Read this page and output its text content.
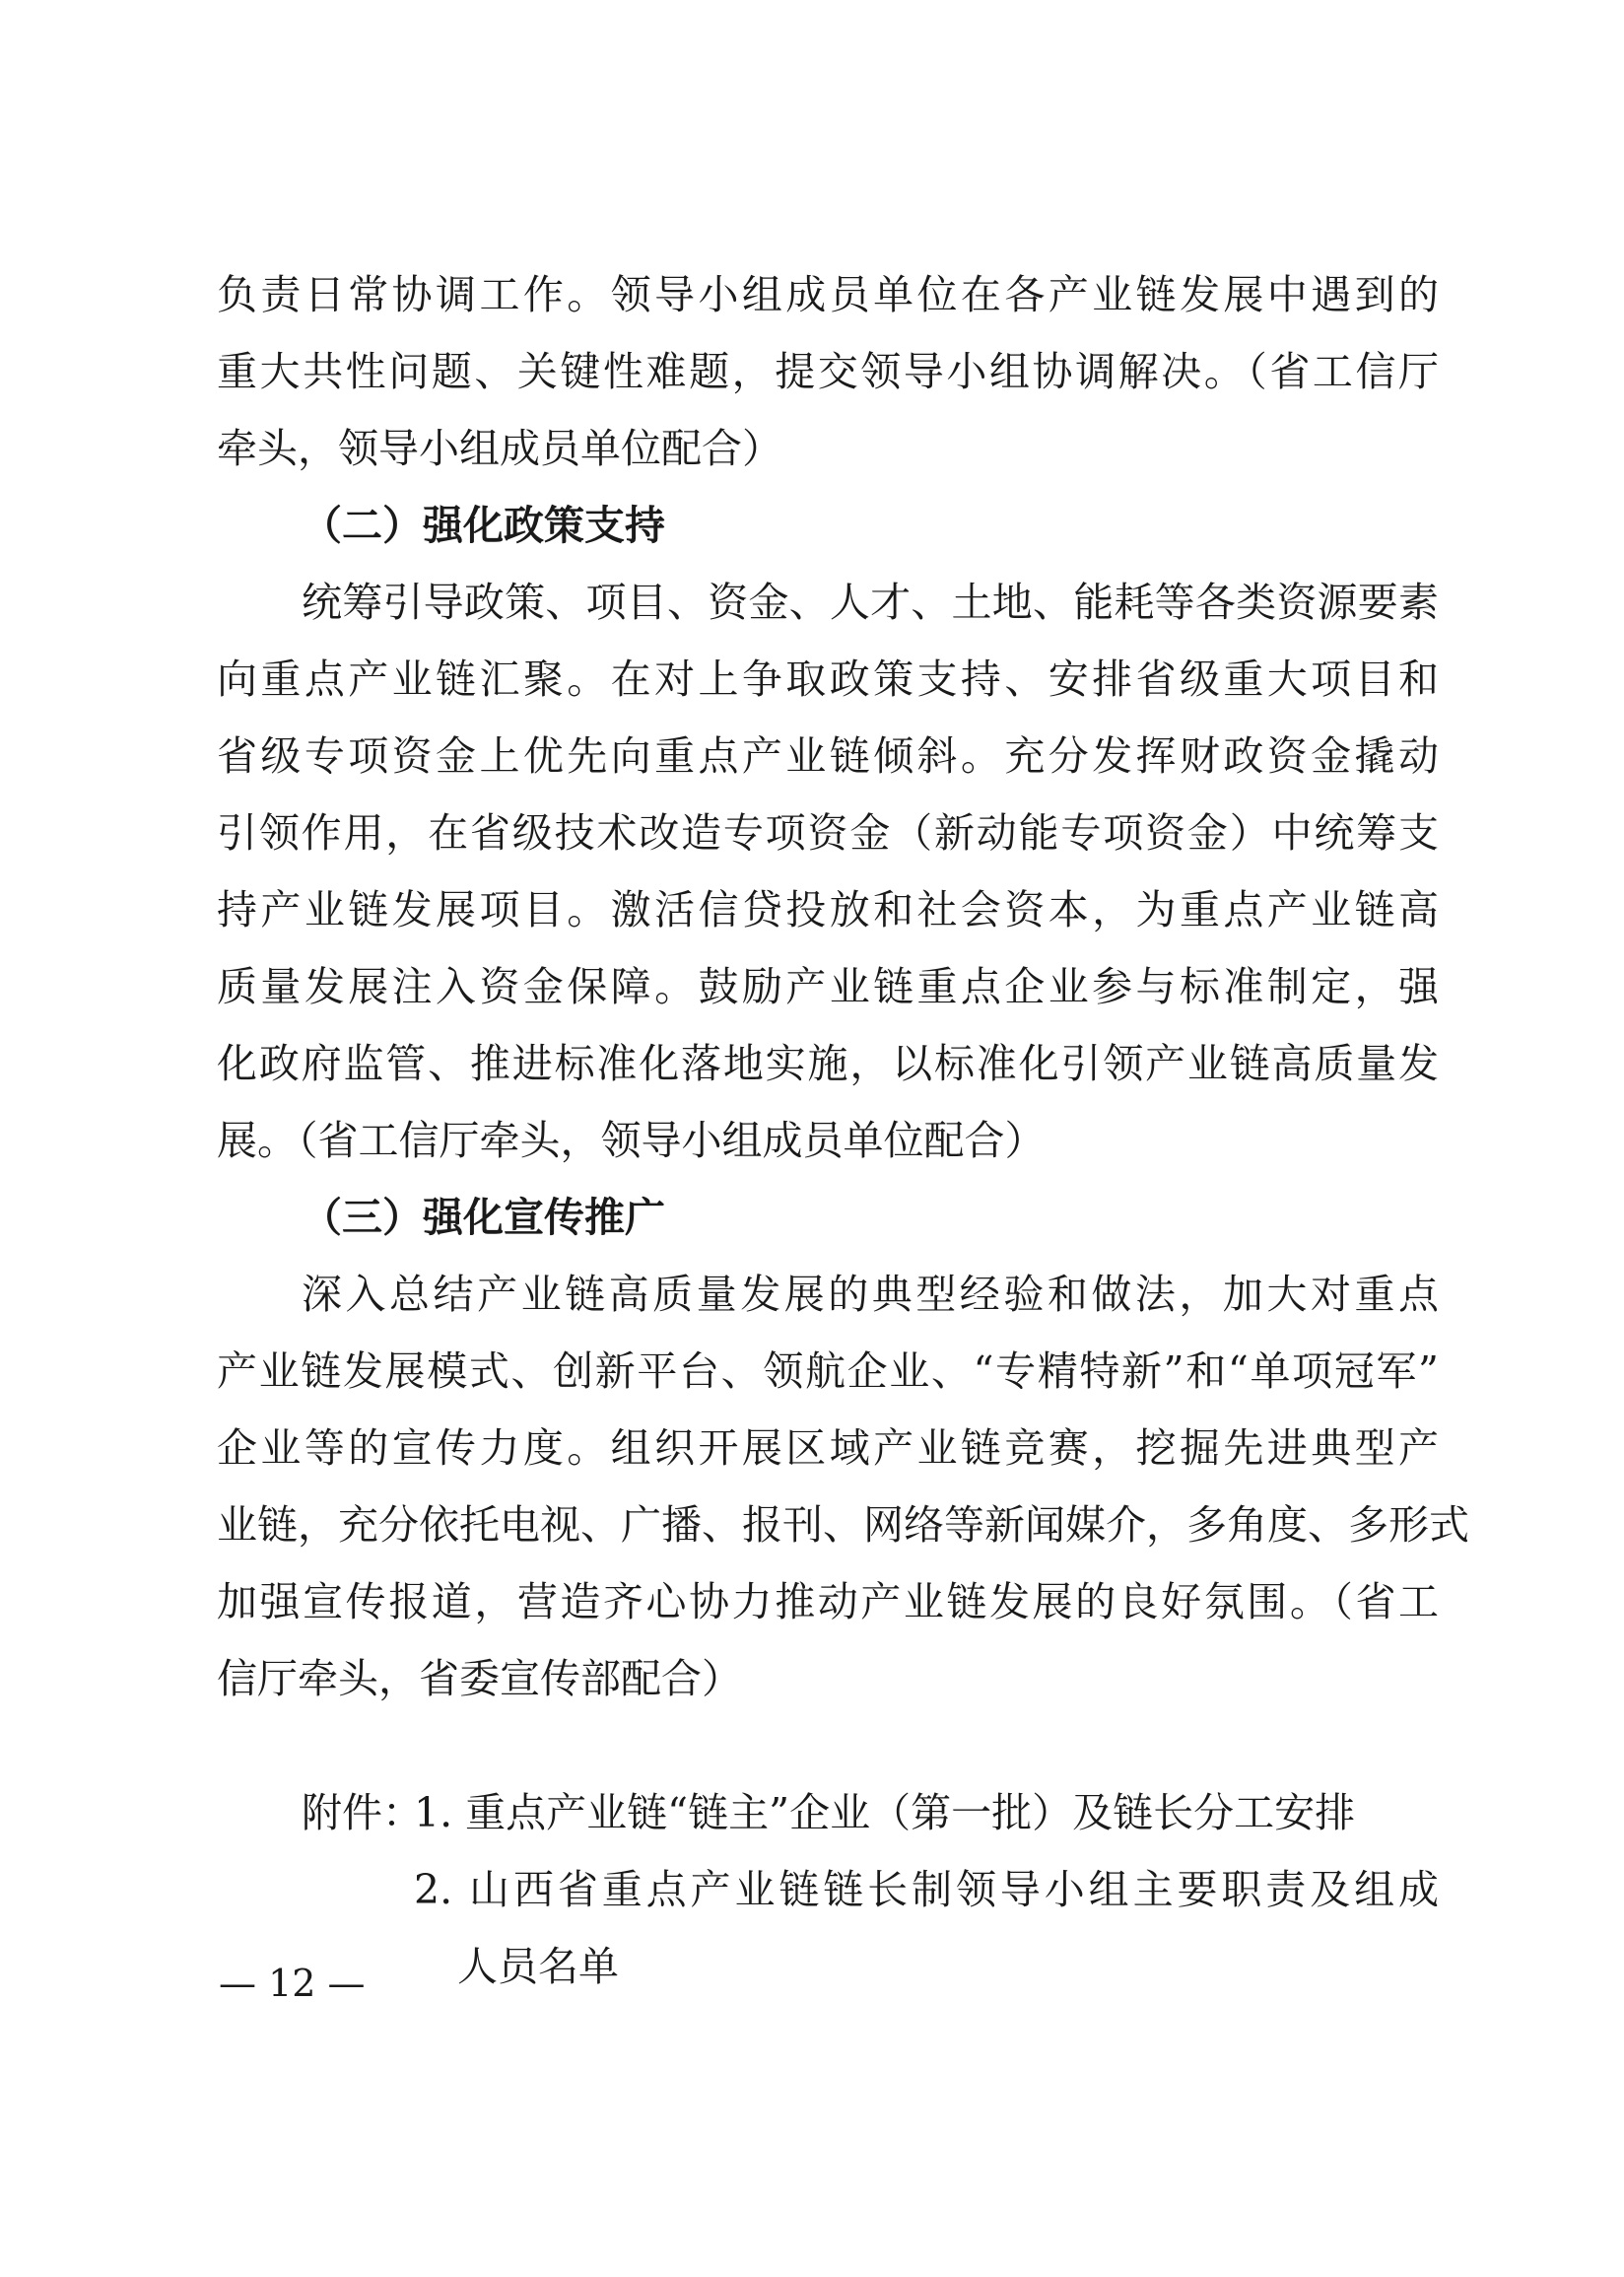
负责日常协调工作。领导小组成员单位在各产业链发展中遇到的
重大共性问题、关键性难题，提交领导小组协调解决。（省工信厅
牵头，领导小组成员单位配合）
（二）强化政策支持
统筹引导政策、项目、资金、人才、土地、能耗等各类资源要素
向重点产业链汇聚。在对上争取政策支持、安排省级重大项目和
省级专项资金上优先向重点产业链倾斜。充分发挥财政资金撬动
引领作用，在省级技术改造专项资金（新动能专项资金）中统筹支
持产业链发展项目。激活信贷投放和社会资本，为重点产业链高
质量发展注入资金保障。鼓励产业链重点企业参与标准制定，强
化政府监管、推进标准化落地实施，以标准化引领产业链高质量发
展。（省工信厅牵头，领导小组成员单位配合）
（三）强化宣传推广
深入总结产业链高质量发展的典型经验和做法，加大对重点
产业链发展模式、创新平台、领航企业、“专精特新”和“单项冠军”
企业等的宣传力度。组织开展区域产业链竞赛，挖掘先进典型产
业链，充分依托电视、广播、报刊、网络等新闻媒介，多角度、多形式
加强宣传报道，营造齐心协力推动产业链发展的良好氛围。（省工
信厅牵头，省委宣传部配合）
附件：
1. 重点产业链“链主”企业（第一批）及链长分工安排
2. 山西省重点产业链链长制领导小组主要职责及组成
人员名单
— 12 —
